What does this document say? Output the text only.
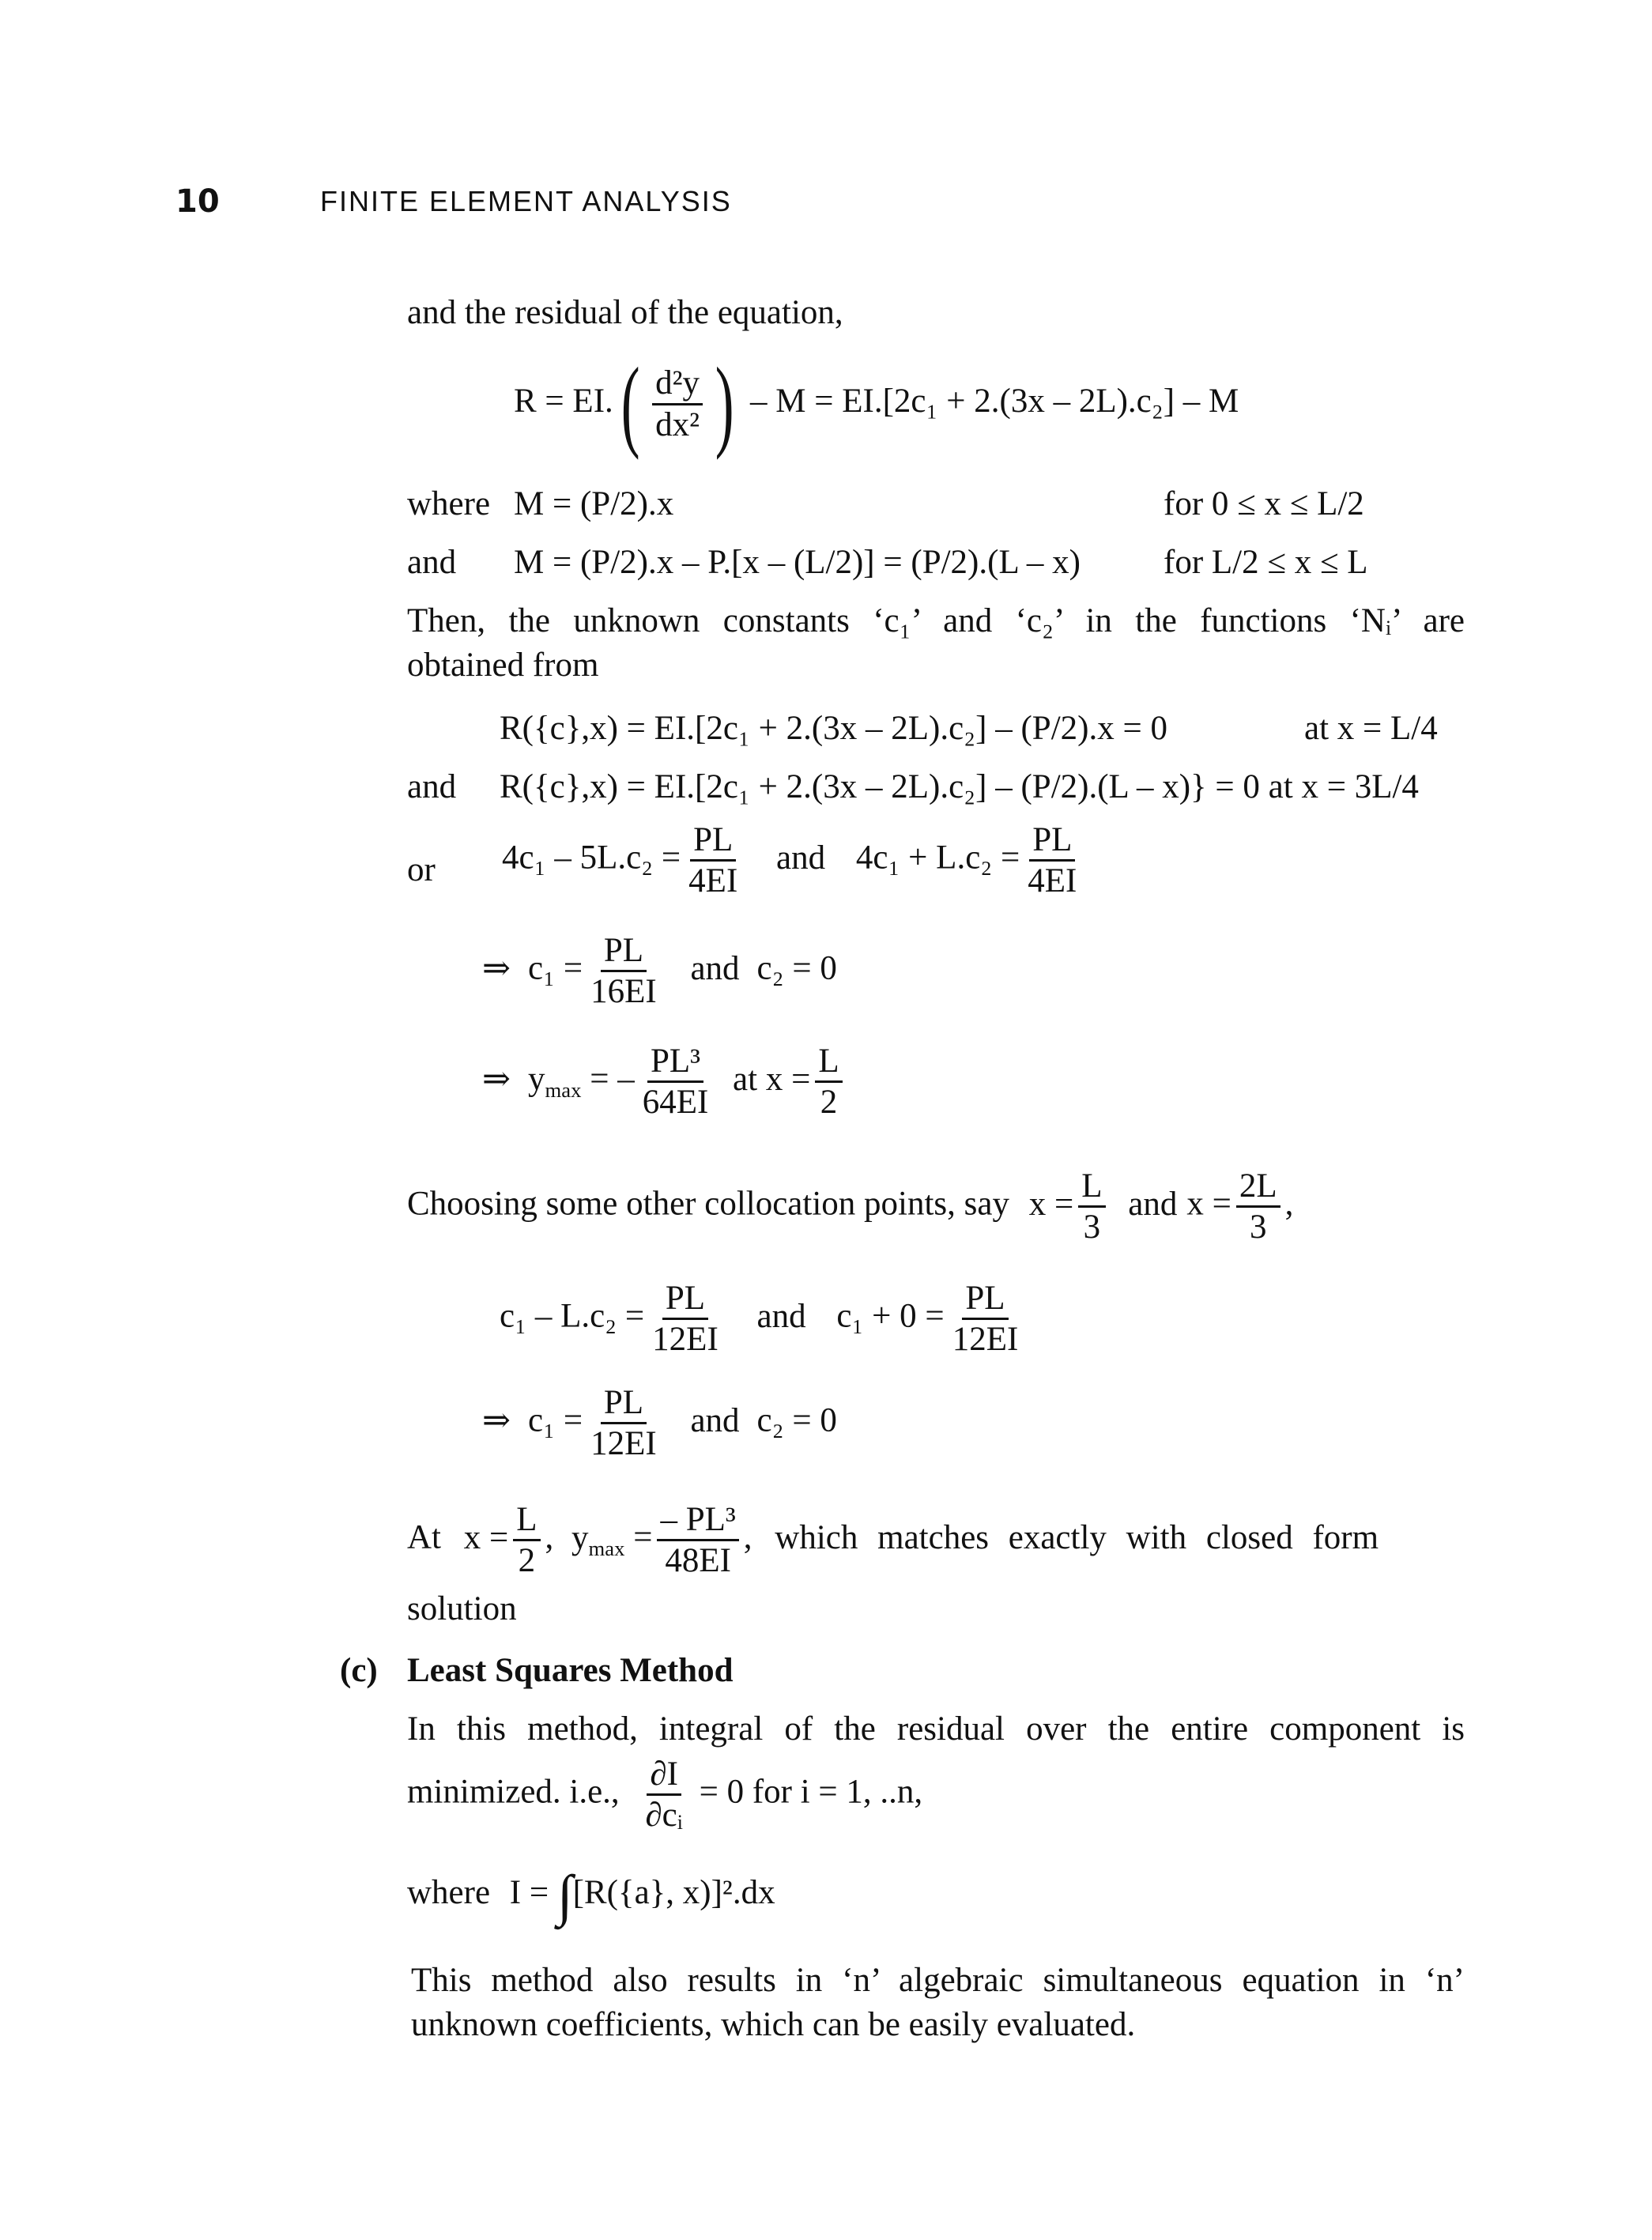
10	FINITE ELEMENT ANALYSIS
and the residual of the equation,
$R = EI.( \frac{\text{d²y}}{\text{dx²}}$ ) – M = EI.[2c₁ + 2.(3x – 2L).c₂] – M
where M = (P/2).x	for 0 ≤ x ≤ L/2
and M = (P/2).x – P.[x – (L/2)] = (P/2).(L – x) for L/2 ≤ x ≤ L
Then, the unknown constants ‘c₁’ and ‘c₂’ in the functions ‘Nᵢ’ are
obtained from
R({c},x) = EI.[2c₁ + 2.(3x – 2L).c₂] – (P/2).x = 0	at x = L/4
and R({c},x) = EI.[2c₁ + 2.(3x – 2L).c₂] – (P/2).(L – x)} = 0 at x = 3L/4
or $4c_1 - 5L.c_2 = \frac{PL}{4EI}$ and $4c_1 + L.c_2 = \frac{PL}{4EI}$
⇒ $c_1 = \frac{PL}{16EI}$ and c₂ = 0
⇒ $y_{max}$ = – $\frac{\text{PL³}}{64EI}$ at $x = \frac{L}{2}$
Choosing some other collocation points, say $x = \frac{L}{3}$ and $x = \frac{2L}{3}$ ,
$c_1 - L.c_2 = \frac{PL}{12EI}$ and $c_1 + 0 = \frac{PL}{12EI}$
⇒ $c_1 = \frac{PL}{12EI}$ and c₂ = 0
At $x = \frac{L}{2}$ , $y_{max} = \frac{\text{– PL³}}{48EI}$ , which matches exactly with closed form
solution
(c) Least Squares Method
In this method, integral of the residual over the entire component is
minimized. i.e., $\frac{\partial I}{\text{∂cᵢ}} = 0$ for i = 1, ..n,
where I = ∫[R({a}, x)]².dx
This method also results in ‘n’ algebraic simultaneous equation in ‘n’
unknown coefficients, which can be easily evaluated.
